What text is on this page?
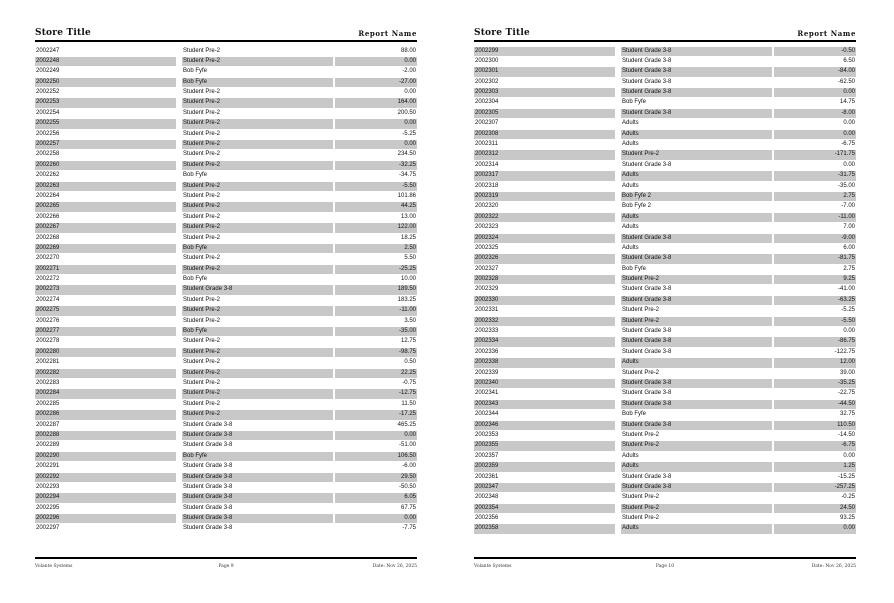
Store Title	Report Name
2002247	Student Pre-2	88.00
2002248	Student Pre-2	0.00
2002249	Bob Fyfe	-2.00
2002250	Bob Fyfe	-27.00
2002252	Student Pre-2	0.00
2002253	Student Pre-2	164.00
2002254	Student Pre-2	200.50
2002255	Student Pre-2	0.00
2002256	Student Pre-2	-5.25
2002257	Student Pre-2	0.00
2002258	Student Pre-2	234.50
2002260	Student Pre-2	-32.25
2002262	Bob Fyfe	-34.75
2002263	Student Pre-2	-5.50
2002264	Student Pre-2	101.86
2002265	Student Pre-2	44.25
2002266	Student Pre-2	13.00
2002267	Student Pre-2	122.00
2002268	Student Pre-2	18.25
2002269	Bob Fyfe	2.50
2002270	Student Pre-2	5.50
2002271	Student Pre-2	-25.25
2002272	Bob Fyfe	10.00
2002273	Student Grade 3-8	189.50
2002274	Student Pre-2	183.25
2002275	Student Pre-2	-11.00
2002276	Student Pre-2	3.50
2002277	Bob Fyfe	-35.00
2002278	Student Pre-2	12.75
2002280	Student Pre-2	-98.75
2002281	Student Pre-2	0.50
2002282	Student Pre-2	22.25
2002283	Student Pre-2	-0.75
2002284	Student Pre-2	-12.75
2002285	Student Pre-2	11.50
2002286	Student Pre-2	-17.25
2002287	Student Grade 3-8	465.25
2002288	Student Grade 3-8	0.00
2002289	Student Grade 3-8	-51.00
2002290	Bob Fyfe	106.50
2002291	Student Grade 3-8	-6.00
2002292	Student Grade 3-8	29.50
2002293	Student Grade 3-8	-50.50
2002294	Student Grade 3-8	6.05
2002295	Student Grade 3-8	67.75
2002296	Student Grade 3-8	0.00
2002297	Student Grade 3-8	-7.75
Volante Systems	Page 9	Date: Nov 26, 2025
Store Title	Report Name
2002299	Student Grade 3-8	-0.50
2002300	Student Grade 3-8	6.50
2002301	Student Grade 3-8	-84.00
2002302	Student Grade 3-8	-62.50
2002303	Student Grade 3-8	0.00
2002304	Bob Fyfe	14.75
2002305	Student Grade 3-8	-8.00
2002307	Adults	0.00
2002308	Adults	0.00
2002311	Adults	-6.75
2002312	Student Pre-2	-171.75
2002314	Student Grade 3-8	0.00
2002317	Adults	-31.75
2002318	Adults	-35.00
2002319	Bob Fyfe 2	2.75
2002320	Bob Fyfe 2	-7.00
2002322	Adults	-11.00
2002323	Adults	7.00
2002324	Student Grade 3-8	-9.00
2002325	Adults	6.00
2002326	Student Grade 3-8	-81.75
2002327	Bob Fyfe	2.75
2002328	Student Pre-2	9.25
2002329	Student Grade 3-8	-41.00
2002330	Student Grade 3-8	-63.25
2002331	Student Pre-2	-5.25
2002332	Student Pre-2	-5.50
2002333	Student Grade 3-8	0.00
2002334	Student Grade 3-8	-86.75
2002336	Student Grade 3-8	-122.75
2002338	Adults	12.00
2002339	Student Pre-2	39.00
2002340	Student Grade 3-8	-35.25
2002341	Student Grade 3-8	-22.75
2002343	Student Grade 3-8	-44.50
2002344	Bob Fyfe	32.75
2002346	Student Grade 3-8	110.50
2002353	Student Pre-2	-14.50
2002355	Student Pre-2	-6.75
2002357	Adults	0.00
2002359	Adults	1.25
2002361	Student Grade 3-8	-15.25
2002347	Student Grade 3-8	-257.25
2002348	Student Pre-2	-0.25
2002354	Student Pre-2	24.50
2002356	Student Pre-2	93.25
2002358	Adults	0.00
Volante Systems	Page 10	Date: Nov 26, 2025
